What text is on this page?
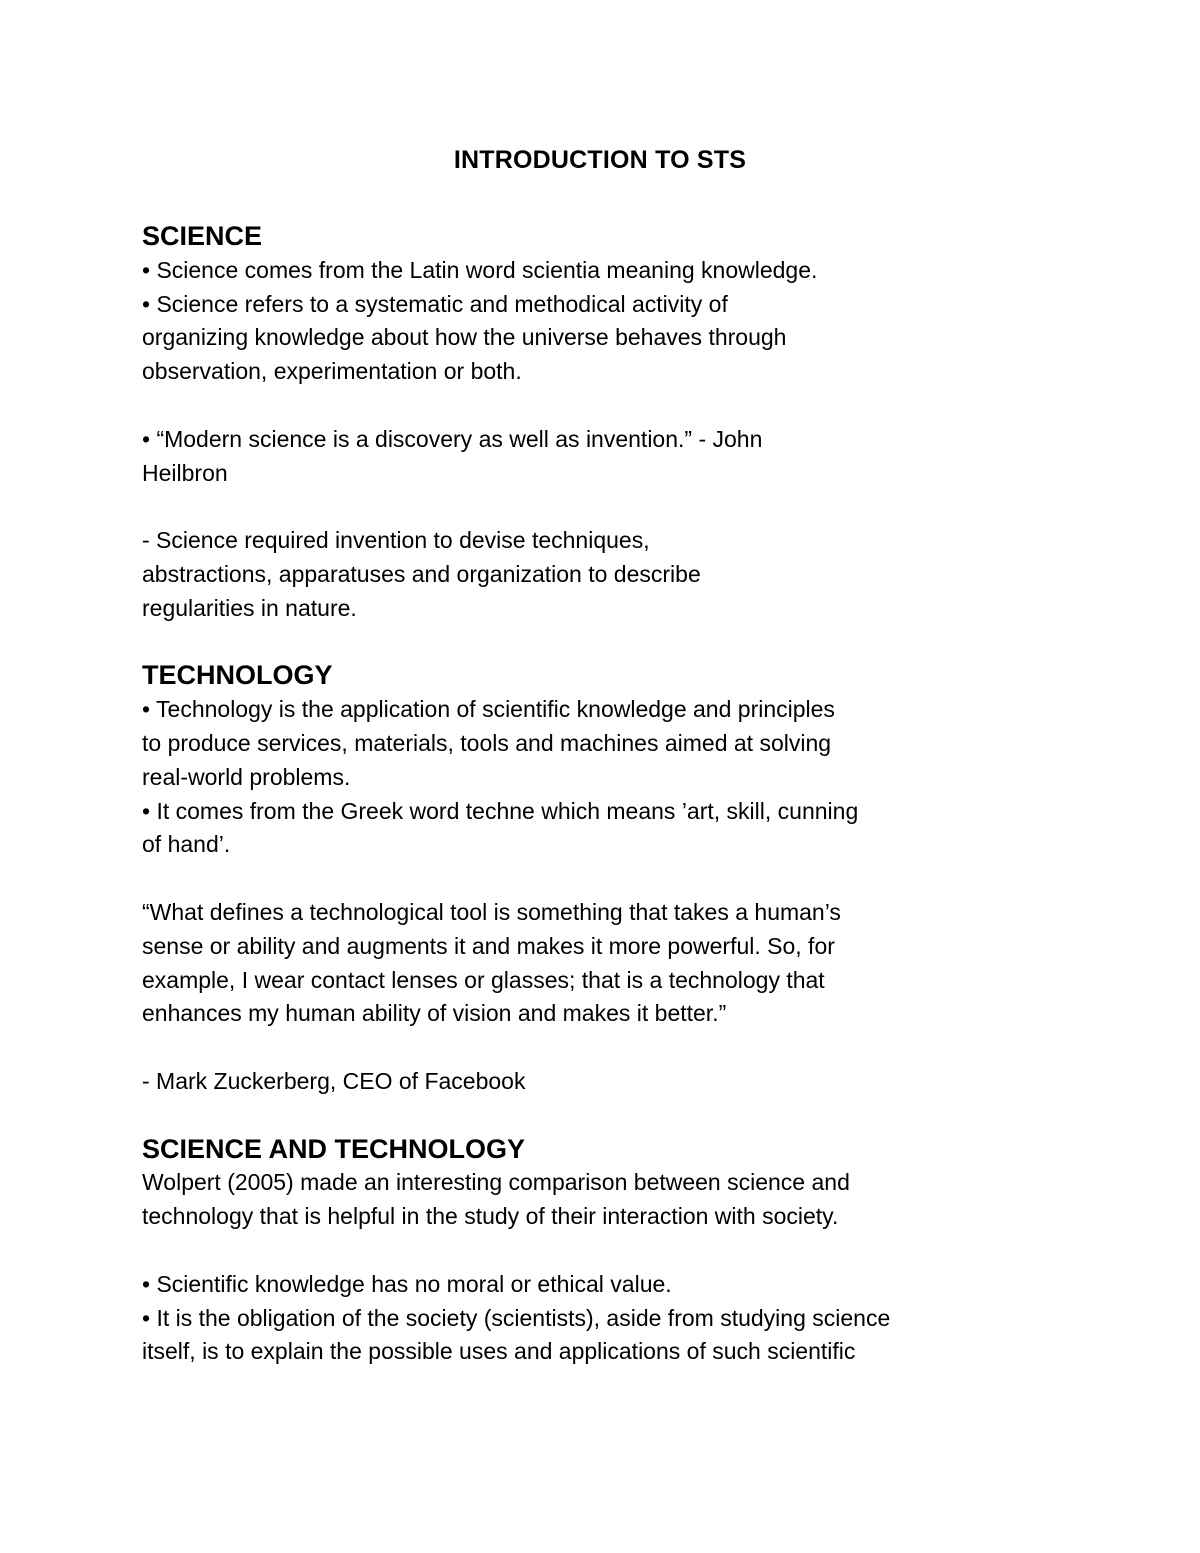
INTRODUCTION TO STS
SCIENCE
• Science comes from the Latin word scientia meaning knowledge.
• Science refers to a systematic and methodical activity of
organizing knowledge about how the universe behaves through
observation, experimentation or both.
• “Modern science is a discovery as well as invention.” - John
Heilbron
- Science required invention to devise techniques,
abstractions, apparatuses and organization to describe
regularities in nature.
TECHNOLOGY
• Technology is the application of scientific knowledge and principles
to produce services, materials, tools and machines aimed at solving
real-world problems.
• It comes from the Greek word techne which means ’art, skill, cunning
of hand’.
“What defines a technological tool is something that takes a human’s
sense or ability and augments it and makes it more powerful. So, for
example, I wear contact lenses or glasses; that is a technology that
enhances my human ability of vision and makes it better.”
- Mark Zuckerberg, CEO of Facebook
SCIENCE AND TECHNOLOGY
Wolpert (2005) made an interesting comparison between science and
technology that is helpful in the study of their interaction with society.
• Scientific knowledge has no moral or ethical value.
• It is the obligation of the society (scientists), aside from studying science
itself, is to explain the possible uses and applications of such scientific
